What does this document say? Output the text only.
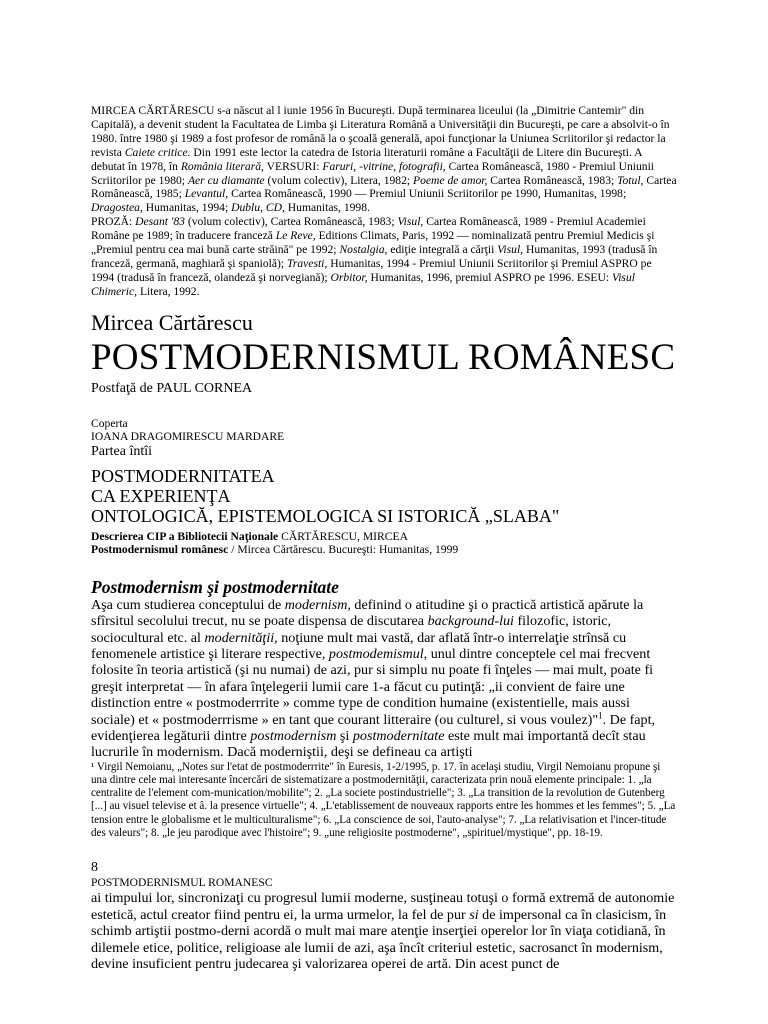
MIRCEA CĂRTĂRESCU s-a născut al l iunie 1956 în Bucureşti. După terminarea liceului (la „Dimitrie Cantemir" din Capitală), a devenit student la Facultatea de Limba şi Literatura Română a Universităţii din Bucureşti, pe care a absolvit-o în 1980. între 1980 şi 1989 a fost profesor de română la o şcoală generală, apoi funcţionar la Uniunea Scriitorilor şi redactor la revista Caiete critice. Din 1991 este lector la catedra de Istoria literaturii române a Facultăţii de Litere din Bucureşti. A debutat în 1978, în România literară, VERSURI: Faruri, -vitrine, fotografii, Cartea Românească, 1980 - Premiul Uniunii Scriitorilor pe 1980; Aer cu diamante (volum colectiv), Litera, 1982; Poeme de amor, Cartea Românească, 1983; Totul, Cartea Românească, 1985; Levantul, Cartea Românească, 1990 — Premiul Uniunii Scriitorilor pe 1990, Humanitas, 1998; Dragostea, Humanitas, 1994; Dublu, CD, Humanitas, 1998.
PROZĂ: Desant '83 (volum colectiv), Cartea Românească, 1983; Visul, Cartea Românească, 1989 - Premiul Academiei Române pe 1989; în traducere franceză Le Reve, Editions Climats, Paris, 1992 — nominalizată pentru Premiul Medicis şi „Premiul pentru cea mai bună carte străină" pe 1992; Nostalgia, ediţie integrală a cărţii Visul, Humanitas, 1993 (tradusă în franceză, germană, maghiară şi spaniolă); Travesti, Humanitas, 1994 - Premiul Uniunii Scriitorilor şi Premiul ASPRO pe 1994 (tradusă în franceză, olandeză şi norvegiană); Orbitor, Humanitas, 1996, premiul ASPRO pe 1996. ESEU: Visul Chimeric, Litera, 1992.

Mircea Cărtărescu
POSTMODERNISMUL ROMÂNESC
Postfaţă de PAUL CORNEA
Coperta
IOANA DRAGOMIRESCU MARDARE
Partea întîi
POSTMODERNITATEA
CA EXPERIENŢA
ONTOLOGICĂ, EPISTEMOLOGICA SI ISTORICĂ „SLABA"
Descrierea CIP a Bibliotecii Naţionale CĂRTĂRESCU, MIRCEA
Postmodernismul românesc / Mircea Cărtărescu. Bucureşti: Humanitas, 1999
Postmodernism şi postmodernitate

Aşa cum studierea conceptului de modernism, definind o atitudine şi o practică artistică apărute la sfîrsitul secolului trecut, nu se poate dispensa de discutarea background-lui filozofic, istoric, sociocultural etc. al modernităţii, noţiune mult mai vastă, dar aflată într-o interrelaţie strînsă cu fenomenele artistice şi literare respective, postmodemismul, unul dintre conceptele cel mai frecvent folosite în teoria artistică (şi nu numai) de azi, pur si simplu nu poate fi înţeles — mai mult, poate fi greşit interpretat — în afara înţelegerii lumii care 1-a făcut cu putinţă: „ii convient de faire une distinction entre « postmoderrrite » comme type de condition humaine (existentielle, mais aussi sociale) et « postmoderrrisme » en tant que courant litteraire (ou culturel, si vous voulez)"$^1$. De fapt, evidenţierea legăturii dintre postmodernism şi postmodernitate este mult mai importantă decît stau lucrurile în modernism. Dacă moderniştii, deşi se defineau ca artişti

¹ Virgil Nemoianu, „Notes sur l'etat de postmoderrrite" în Euresis, 1-2/1995, p. 17. în acelaşi studiu, Virgil Nemoianu propune şi una dintre cele mai interesante încercări de sistematizare a postmodernităţii, caracterizata prin nouă elemente principale: 1. „la centralite de l'element com-munication/mobilite"; 2. „La societe postindustrielle"; 3. „La transition de la revolution de Gutenberg [...] au visuel televise et â. la presence virtuelle"; 4. „L'etablissement de nouveaux rapports entre les hommes et les femmes"; 5. „La tension entre le globalisme et le multiculturalisme"; 6. „La conscience de soi, l'auto-analyse"; 7. „La relativisation et l'incer-titude des valeurs"; 8. „le jeu parodique avec l'histoire"; 9. „une religiosite postmoderne", „spirituel/mystique", pp. 18-19.

8
POSTMODERNISMUL ROMANESC

ai timpului lor, sincronizaţi cu progresul lumii moderne, susţineau totuşi o formă extremă de autonomie estetică, actul creator fiind pentru ei, la urma urmelor, la fel de pur si de impersonal ca în clasicism, în schimb artiştii postmo-derni acordă o mult mai mare atenţie inserţiei operelor lor în viaţa cotidiană, în dilemele etice, politice, religioase ale lumii de azi, aşa încît criteriul estetic, sacrosanct în modernism, devine insuficient pentru judecarea şi valorizarea operei de artă. Din acest punct de
